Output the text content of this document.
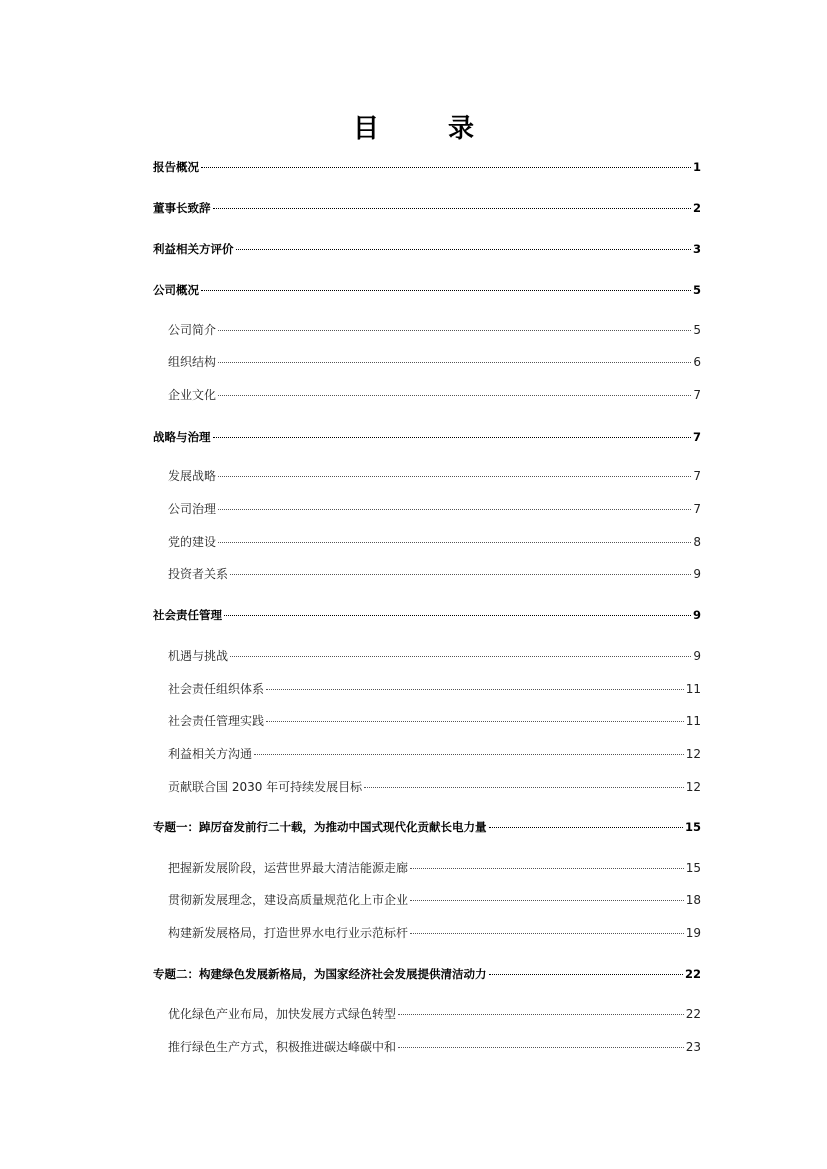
目 录
报告概况	1
董事长致辞	2
利益相关方评价	3
公司概况	5
公司简介	5
组织结构	6
企业文化	7
战略与治理	7
发展战略	7
公司治理	7
党的建设	8
投资者关系	9
社会责任管理	9
机遇与挑战	9
社会责任组织体系	11
社会责任管理实践	11
利益相关方沟通	12
贡献联合国 2030 年可持续发展目标	12
专题一：踔厉奋发前行二十载，为推动中国式现代化贡献长电力量	15
把握新发展阶段，运营世界最大清洁能源走廊	15
贯彻新发展理念，建设高质量规范化上市企业	18
构建新发展格局，打造世界水电行业示范标杆	19
专题二：构建绿色发展新格局，为国家经济社会发展提供清洁动力	22
优化绿色产业布局，加快发展方式绿色转型	22
推行绿色生产方式，积极推进碳达峰碳中和	23
